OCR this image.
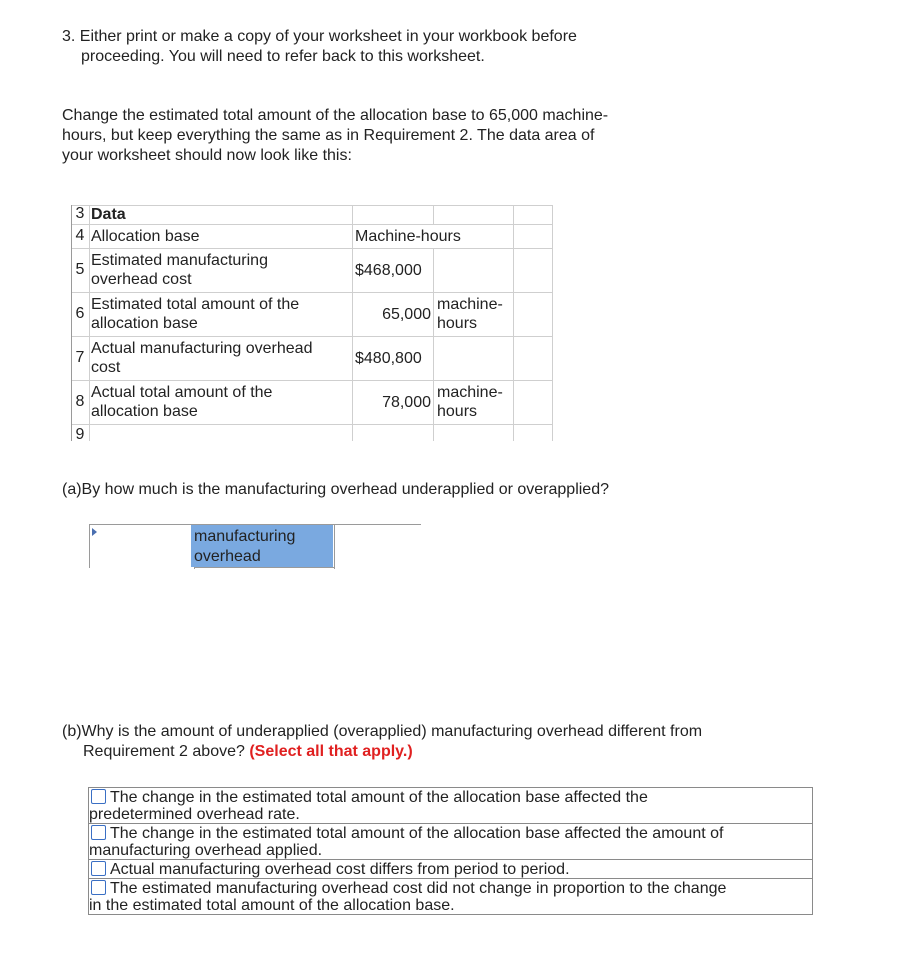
3. Either print or make a copy of your worksheet in your workbook before

proceeding. You will need to refer back to this worksheet.
Change the estimated total amount of the allocation base to 65,000 machine-
hours, but keep everything the same as in Requirement 2. The data area of
your worksheet should now look like this:
3 Data
4 Allocation base	Machine-hours
5
Estimated manufacturing
overhead cost
$468,000
6
Estimated total amount of the
allocation base
65,000
machine-
hours
7
Actual manufacturing overhead
cost
$480,800
8
Actual total amount of the
allocation base
78,000
machine-
hours
9
(a)By how much is the manufacturing overhead underapplied or overapplied?
manufacturing
overhead
(b)Why is the amount of underapplied (overapplied) manufacturing overhead different from
Requirement 2 above? (Select all that apply.)
The change in the estimated total amount of the allocation base affected the
predetermined overhead rate.
The change in the estimated total amount of the allocation base affected the amount of
manufacturing overhead applied.
Actual manufacturing overhead cost differs from period to period.
The estimated manufacturing overhead cost did not change in proportion to the change
in the estimated total amount of the allocation base.
